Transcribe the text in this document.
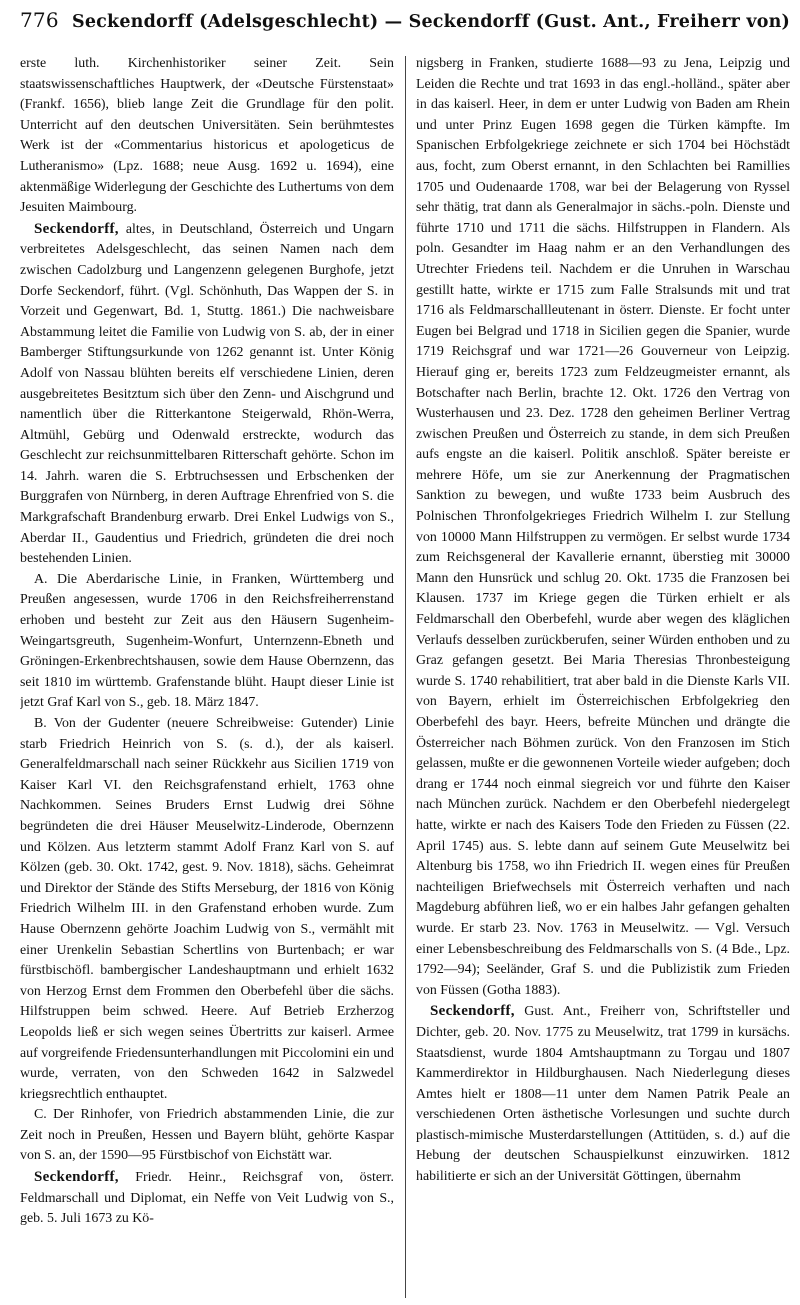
776 Seckendorff (Adelsgeschlecht) — Seckendorff (Gust. Ant., Freiherr von)

erste luth. Kirchenhistoriker seiner Zeit. Sein staatswissenschaftliches Hauptwerk, der «Deutsche Fürstenstaat» (Frankf. 1656), blieb lange Zeit die Grundlage für den polit. Unterricht auf den deutschen Universitäten. Sein berühmtestes Werk ist der «Commentarius historicus et apologeticus de Lutheranismo» (Lpz. 1688; neue Ausg. 1692 u. 1694), eine aktenmäßige Widerlegung der Geschichte des Luthertums von dem Jesuiten Maimbourg.

Seckendorff, altes, in Deutschland, Österreich und Ungarn verbreitetes Adelsgeschlecht, das seinen Namen nach dem zwischen Cadolzburg und Langenzenn gelegenen Burghofe, jetzt Dorfe Seckendorf, führt. (Vgl. Schönhuth, Das Wappen der S. in Vorzeit und Gegenwart, Bd. 1, Stuttg. 1861.) Die nachweisbare Abstammung leitet die Familie von Ludwig von S. ab, der in einer Bamberger Stiftungsurkunde von 1262 genannt ist. Unter König Adolf von Nassau blühten bereits elf verschiedene Linien, deren ausgebreitetes Besitztum sich über den Zenn- und Aischgrund und namentlich über die Ritterkantone Steigerwald, Rhön-Werra, Altmühl, Gebürg und Odenwald erstreckte, wodurch das Geschlecht zur reichsunmittelbaren Ritterschaft gehörte. Schon im 14. Jahrh. waren die S. Erbtruchsessen und Erbschenken der Burggrafen von Nürnberg, in deren Auftrage Ehrenfried von S. die Markgrafschaft Brandenburg erwarb. Drei Enkel Ludwigs von S., Aberdar II., Gaudentius und Friedrich, gründeten die drei noch bestehenden Linien.

A. Die Aberdarische Linie, in Franken, Württemberg und Preußen angesessen, wurde 1706 in den Reichsfreiherrenstand erhoben und besteht zur Zeit aus den Häusern Sugenheim-Weingartsgreuth, Sugenheim-Wonfurt, Unternzenn-Ebneth und Gröningen-Erkenbrechtshausen, sowie dem Hause Obernzenn, das seit 1810 im württemb. Grafenstande blüht. Haupt dieser Linie ist jetzt Graf Karl von S., geb. 18. März 1847.

B. Von der Gudenter (neuere Schreibweise: Gutender) Linie starb Friedrich Heinrich von S. (s. d.), der als kaiserl. Generalfeldmarschall nach seiner Rückkehr aus Sicilien 1719 von Kaiser Karl VI. den Reichsgrafenstand erhielt, 1763 ohne Nachkommen. Seines Bruders Ernst Ludwig drei Söhne begründeten die drei Häuser Meuselwitz-Linderode, Obernzenn und Kölzen. Aus letzterm stammt Adolf Franz Karl von S. auf Kölzen (geb. 30. Okt. 1742, gest. 9. Nov. 1818), sächs. Geheimrat und Direktor der Stände des Stifts Merseburg, der 1816 von König Friedrich Wilhelm III. in den Grafenstand erhoben wurde. Zum Hause Obernzenn gehörte Joachim Ludwig von S., vermählt mit einer Urenkelin Sebastian Schertlins von Burtenbach; er war fürstbischöfl. bambergischer Landeshauptmann und erhielt 1632 von Herzog Ernst dem Frommen den Oberbefehl über die sächs. Hilfstruppen beim schwed. Heere. Auf Betrieb Erzherzog Leopolds ließ er sich wegen seines Übertritts zur kaiserl. Armee auf vorgreifende Friedensunterhandlungen mit Piccolomini ein und wurde, verraten, von den Schweden 1642 in Salzwedel kriegsrechtlich enthauptet.

C. Der Rinhofer, von Friedrich abstammenden Linie, die zur Zeit noch in Preußen, Hessen und Bayern blüht, gehörte Kaspar von S. an, der 1590—95 Fürstbischof von Eichstätt war.

Seckendorff, Friedr. Heinr., Reichsgraf von, österr. Feldmarschall und Diplomat, ein Neffe von Veit Ludwig von S., geb. 5. Juli 1673 zu Kö-

nigsberg in Franken, studierte 1688—93 zu Jena, Leipzig und Leiden die Rechte und trat 1693 in das engl.-holländ., später aber in das kaiserl. Heer, in dem er unter Ludwig von Baden am Rhein und unter Prinz Eugen 1698 gegen die Türken kämpfte. Im Spanischen Erbfolgekriege zeichnete er sich 1704 bei Höchstädt aus, focht, zum Oberst ernannt, in den Schlachten bei Ramillies 1705 und Oudenaarde 1708, war bei der Belagerung von Ryssel sehr thätig, trat dann als Generalmajor in sächs.-poln. Dienste und führte 1710 und 1711 die sächs. Hilfstruppen in Flandern. Als poln. Gesandter im Haag nahm er an den Verhandlungen des Utrechter Friedens teil. Nachdem er die Unruhen in Warschau gestillt hatte, wirkte er 1715 zum Falle Stralsunds mit und trat 1716 als Feldmarschallleutenant in österr. Dienste. Er focht unter Eugen bei Belgrad und 1718 in Sicilien gegen die Spanier, wurde 1719 Reichsgraf und war 1721—26 Gouverneur von Leipzig. Hierauf ging er, bereits 1723 zum Feldzeugmeister ernannt, als Botschafter nach Berlin, brachte 12. Okt. 1726 den Vertrag von Wusterhausen und 23. Dez. 1728 den geheimen Berliner Vertrag zwischen Preußen und Österreich zu stande, in dem sich Preußen aufs engste an die kaiserl. Politik anschloß. Später bereiste er mehrere Höfe, um sie zur Anerkennung der Pragmatischen Sanktion zu bewegen, und wußte 1733 beim Ausbruch des Polnischen Thronfolgekrieges Friedrich Wilhelm I. zur Stellung von 10000 Mann Hilfstruppen zu vermögen. Er selbst wurde 1734 zum Reichsgeneral der Kavallerie ernannt, überstieg mit 30000 Mann den Hunsrück und schlug 20. Okt. 1735 die Franzosen bei Klausen. 1737 im Kriege gegen die Türken erhielt er als Feldmarschall den Oberbefehl, wurde aber wegen des kläglichen Verlaufs desselben zurückberufen, seiner Würden enthoben und zu Graz gefangen gesetzt. Bei Maria Theresias Thronbesteigung wurde S. 1740 rehabilitiert, trat aber bald in die Dienste Karls VII. von Bayern, erhielt im Österreichischen Erbfolgekrieg den Oberbefehl des bayr. Heers, befreite München und drängte die Österreicher nach Böhmen zurück. Von den Franzosen im Stich gelassen, mußte er die gewonnenen Vorteile wieder aufgeben; doch drang er 1744 noch einmal siegreich vor und führte den Kaiser nach München zurück. Nachdem er den Oberbefehl niedergelegt hatte, wirkte er nach des Kaisers Tode den Frieden zu Füssen (22. April 1745) aus. S. lebte dann auf seinem Gute Meuselwitz bei Altenburg bis 1758, wo ihn Friedrich II. wegen eines für Preußen nachteiligen Briefwechsels mit Österreich verhaften und nach Magdeburg abführen ließ, wo er ein halbes Jahr gefangen gehalten wurde. Er starb 23. Nov. 1763 in Meuselwitz. — Vgl. Versuch einer Lebensbeschreibung des Feldmarschalls von S. (4 Bde., Lpz. 1792—94); Seeländer, Graf S. und die Publizistik zum Frieden von Füssen (Gotha 1883).

Seckendorff, Gust. Ant., Freiherr von, Schriftsteller und Dichter, geb. 20. Nov. 1775 zu Meuselwitz, trat 1799 in kursächs. Staatsdienst, wurde 1804 Amtshauptmann zu Torgau und 1807 Kammerdirektor in Hildburghausen. Nach Niederlegung dieses Amtes hielt er 1808—11 unter dem Namen Patrik Peale an verschiedenen Orten ästhetische Vorlesungen und suchte durch plastisch-mimische Musterdarstellungen (Attitüden, s. d.) auf die Hebung der deutschen Schauspielkunst einzuwirken. 1812 habilitierte er sich an der Universität Göttingen, übernahm
